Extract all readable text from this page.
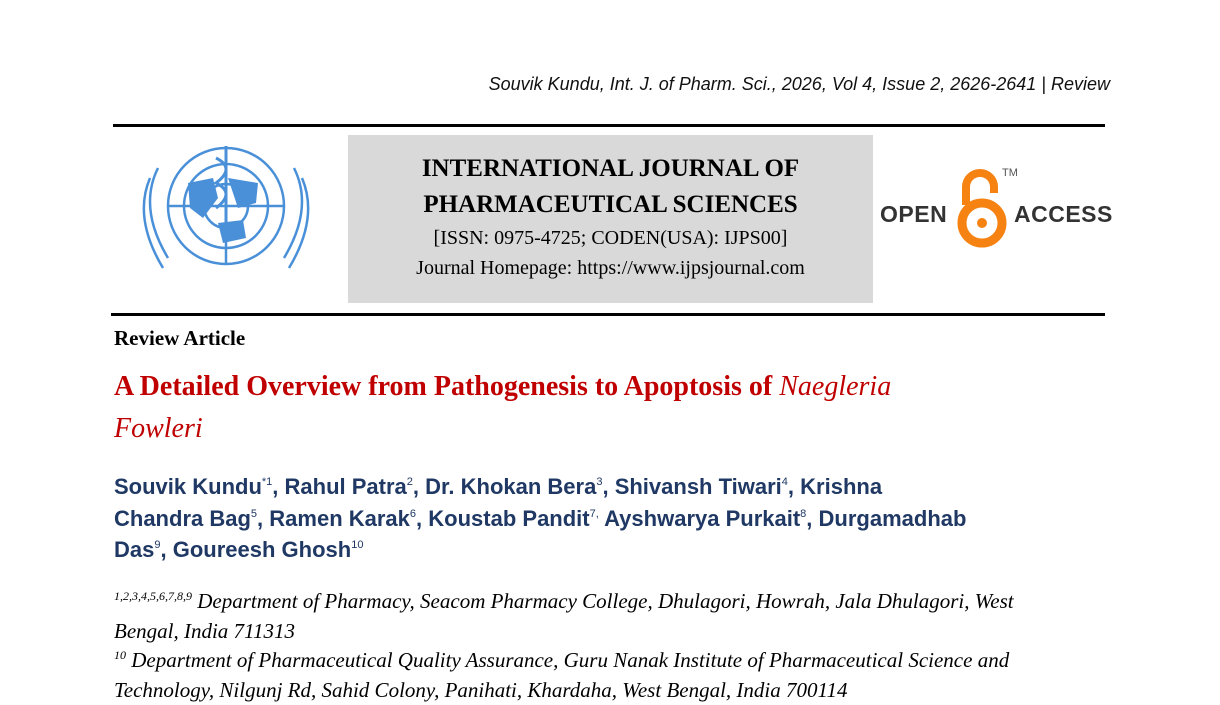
Souvik Kundu, Int. J. of Pharm. Sci., 2026, Vol 4, Issue 2, 2626-2641 | Review
INTERNATIONAL JOURNAL OF
PHARMACEUTICAL SCIENCES
[ISSN: 0975-4725; CODEN(USA): IJPS00]
Journal Homepage: https://www.ijpsjournal.com
OPEN
TM
ACCESS
Review Article
A Detailed Overview from Pathogenesis to Apoptosis of Naegleria
Fowleri
Souvik Kundu$^{*1}$, Rahul Patra$^2$, Dr. Khokan Bera$^3$, Shivansh Tiwari$^4$, Krishna
Chandra Bag$^5$, Ramen Karak$^6$, Koustab Pandit$^{7,}$ Ayshwarya Purkait$^8$, Durgamadhab
Das$^9$, Goureesh Ghosh$^{10}$
$^{1,2,3,4,5,6,7,8,9}$ Department of Pharmacy, Seacom Pharmacy College, Dhulagori, Howrah, Jala Dhulagori, West
Bengal, India 711313
$^{10}$ Department of Pharmaceutical Quality Assurance, Guru Nanak Institute of Pharmaceutical Science and
Technology, Nilgunj Rd, Sahid Colony, Panihati, Khardaha, West Bengal, India 700114
